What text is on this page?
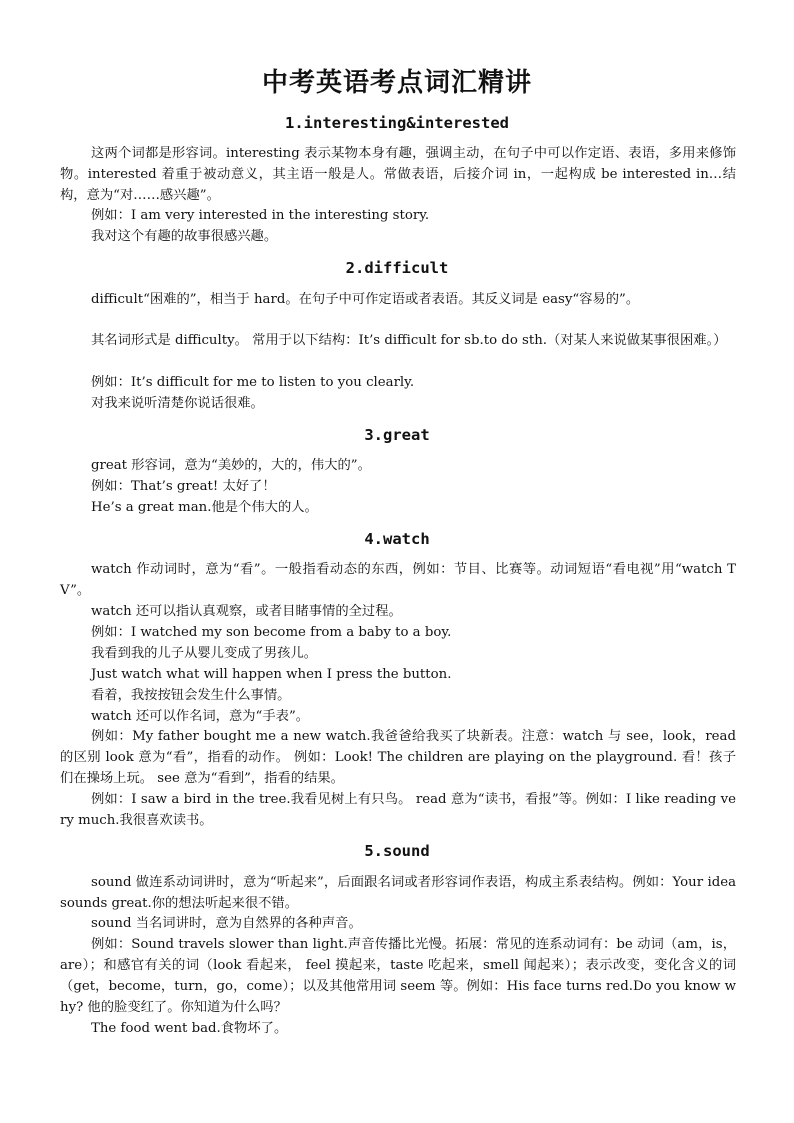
中考英语考点词汇精讲
1.interesting&interested

这两个词都是形容词。interesting 表示某物本身有趣，强调主动，在句子中可以作定语、表语，多用来修饰物。interested 着重于被动意义，其主语一般是人。常做表语，后接介词 in，一起构成 be interested in…结构，意为“对……感兴趣”。

例如：I am very interested in the interesting story.

我对这个有趣的故事很感兴趣。

2.difficult

difficult“困难的”，相当于 hard。在句子中可作定语或者表语。其反义词是 easy“容易的”。

其名词形式是 difficulty。 常用于以下结构：It’s difficult for sb.to do sth.（对某人来说做某事很困难。）

例如：It’s difficult for me to listen to you clearly.

对我来说听清楚你说话很难。

3.great

great 形容词，意为“美妙的，大的，伟大的”。

例如：That’s great! 太好了！

He’s a great man.他是个伟大的人。

4.watch

watch 作动词时，意为“看”。一般指看动态的东西，例如：节目、比赛等。动词短语“看电视”用“watch TV”。

watch 还可以指认真观察，或者目睹事情的全过程。

例如：I watched my son become from a baby to a boy.

我看到我的儿子从婴儿变成了男孩儿。

Just watch what will happen when I press the button.

看着，我按按钮会发生什么事情。

watch 还可以作名词，意为“手表”。

例如：My father bought me a new watch.我爸爸给我买了块新表。注意：watch 与 see，look，read 的区别 look 意为“看”，指看的动作。 例如：Look! The children are playing on the playground. 看！孩子们在操场上玩。 see 意为“看到”，指看的结果。

例如：I saw a bird in the tree.我看见树上有只鸟。 read 意为“读书，看报”等。例如：I like reading very much.我很喜欢读书。

5.sound

sound 做连系动词讲时，意为“听起来”，后面跟名词或者形容词作表语，构成主系表结构。例如：Your idea sounds great.你的想法听起来很不错。

sound 当名词讲时，意为自然界的各种声音。

例如：Sound travels slower than light.声音传播比光慢。拓展：常见的连系动词有：be 动词（am，is，are）；和感官有关的词（look 看起来， feel 摸起来，taste 吃起来，smell 闻起来）；表示改变，变化含义的词（get，become，turn，go，come）；以及其他常用词 seem 等。例如：His face turns red.Do you know why? 他的脸变红了。你知道为什么吗？

The food went bad.食物坏了。
